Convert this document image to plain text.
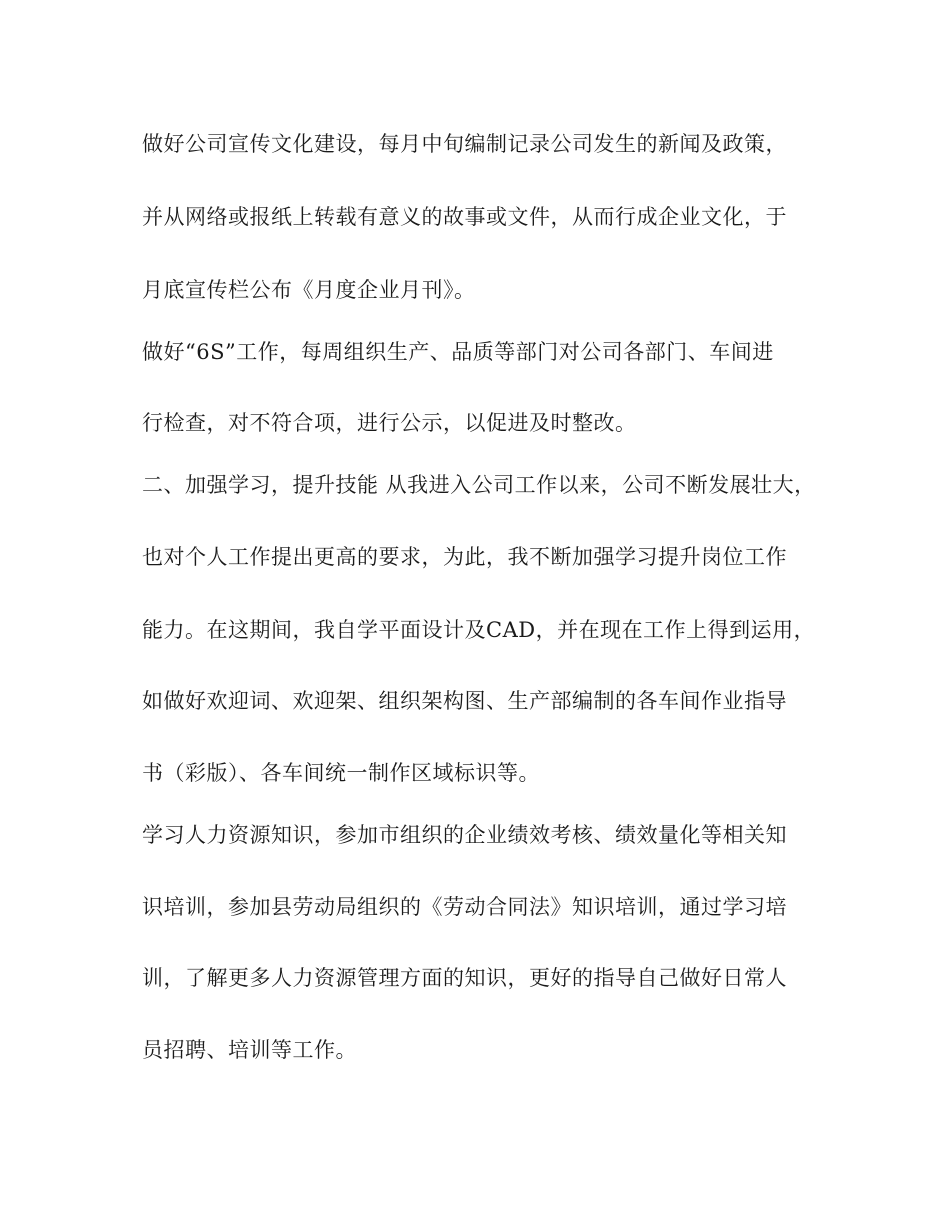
做好公司宣传文化建设，每月中旬编制记录公司发生的新闻及政策，

并从网络或报纸上转载有意义的故事或文件，从而行成企业文化，于

月底宣传栏公布《月度企业月刊》。

做好“6S”工作，每周组织生产、品质等部门对公司各部门、车间进

行检查，对不符合项，进行公示，以促进及时整改。

二、加强学习，提升技能 从我进入公司工作以来，公司不断发展壮大，

也对个人工作提出更高的要求，为此，我不断加强学习提升岗位工作

能力。在这期间，我自学平面设计及CAD，并在现在工作上得到运用，

如做好欢迎词、欢迎架、组织架构图、生产部编制的各车间作业指导

书（彩版）、各车间统一制作区域标识等。

学习人力资源知识，参加市组织的企业绩效考核、绩效量化等相关知

识培训，参加县劳动局组织的《劳动合同法》知识培训，通过学习培

训，了解更多人力资源管理方面的知识，更好的指导自己做好日常人

员招聘、培训等工作。
